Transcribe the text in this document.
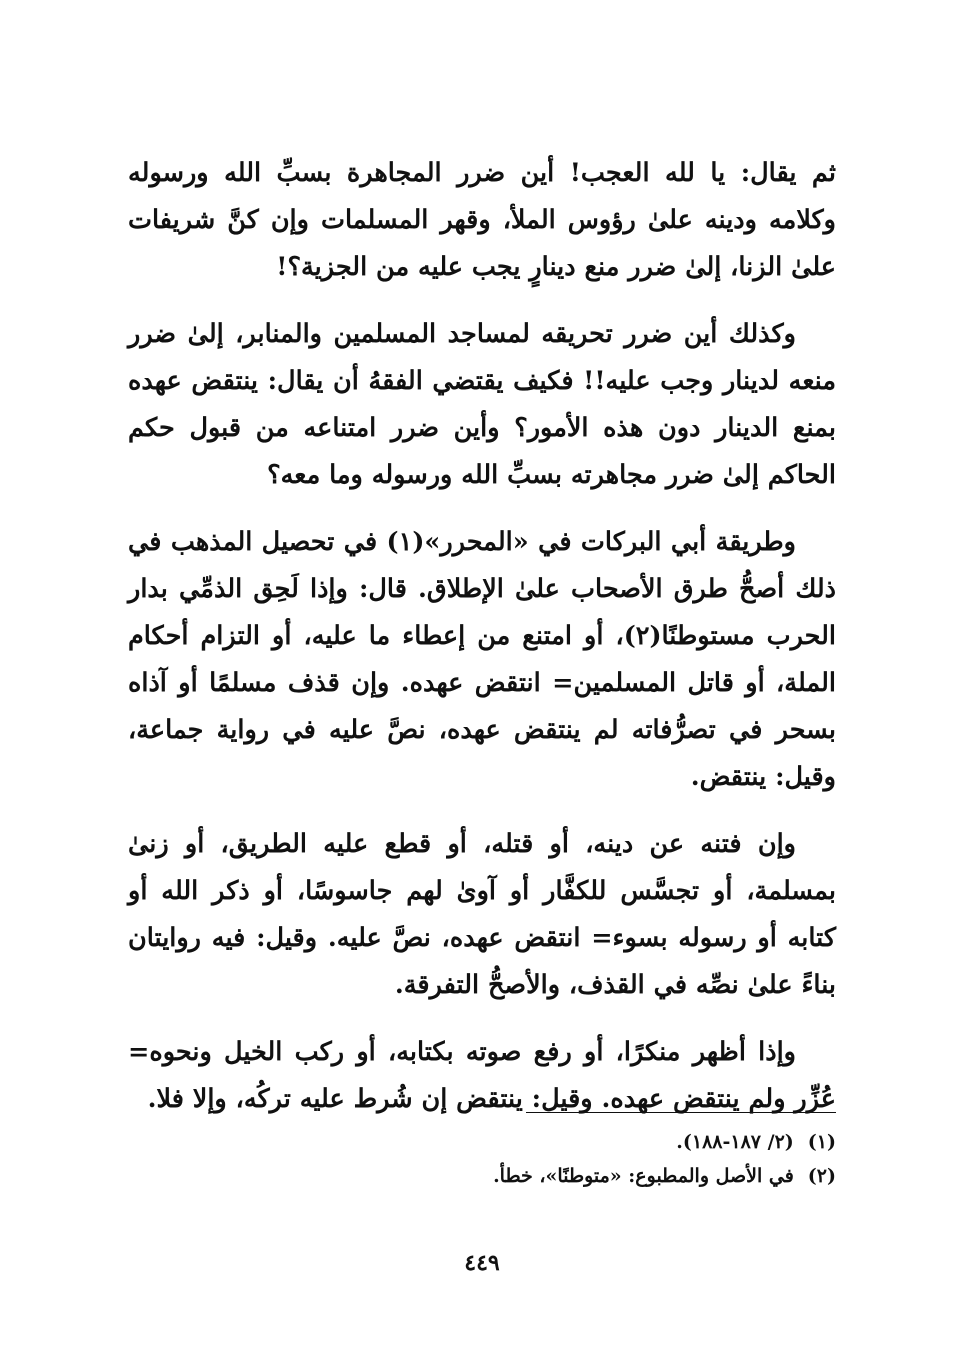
ثم يقال: يا لله العجب! أين ضرر المجاهرة بسبِّ الله ورسوله وكلامه ودينه علىٰ رؤوس الملأ، وقهر المسلمات وإن كنَّ شريفات علىٰ الزنا، إلىٰ ضرر منع دينارٍ يجب عليه من الجزية؟!

وكذلك أين ضرر تحريقه لمساجد المسلمين والمنابر، إلىٰ ضرر منعه لدينار وجب عليه!! فكيف يقتضي الفقهُ أن يقال: ينتقض عهده بمنع الدينار دون هذه الأمور؟ وأين ضرر امتناعه من قبول حكم الحاكم إلىٰ ضرر مجاهرته بسبِّ الله ورسوله وما معه؟

وطريقة أبي البركات في «المحرر»(١) في تحصيل المذهب في ذلك أصحُّ طرق الأصحاب علىٰ الإطلاق. قال: وإذا لَحِق الذمِّي بدار الحرب مستوطنًا(٢)، أو امتنع من إعطاء ما عليه، أو التزام أحكام الملة، أو قاتل المسلمين= انتقض عهده. وإن قذف مسلمًا أو آذاه بسحر في تصرُّفاته لم ينتقض عهده، نصَّ عليه في رواية جماعة، وقيل: ينتقض.

وإن فتنه عن دينه، أو قتله، أو قطع عليه الطريق، أو زنىٰ بمسلمة، أو تجسَّس للكفَّار أو آوىٰ لهم جاسوسًا، أو ذكر الله أو كتابه أو رسوله بسوء= انتقض عهده، نصَّ عليه. وقيل: فيه روايتان بناءً علىٰ نصِّه في القذف، والأصحُّ التفرقة.

وإذا أظهر منكرًا، أو رفع صوته بكتابه، أو ركب الخيل ونحوه= عُزِّر ولم ينتقض عهده. وقيل: ينتقض إن شُرط عليه تركُه، وإلا فلا.

(١)(٢/ ١٨٧-١٨٨).

(٢)في الأصل والمطبوع: «متوطنًا»، خطأ.

٤٤٩
